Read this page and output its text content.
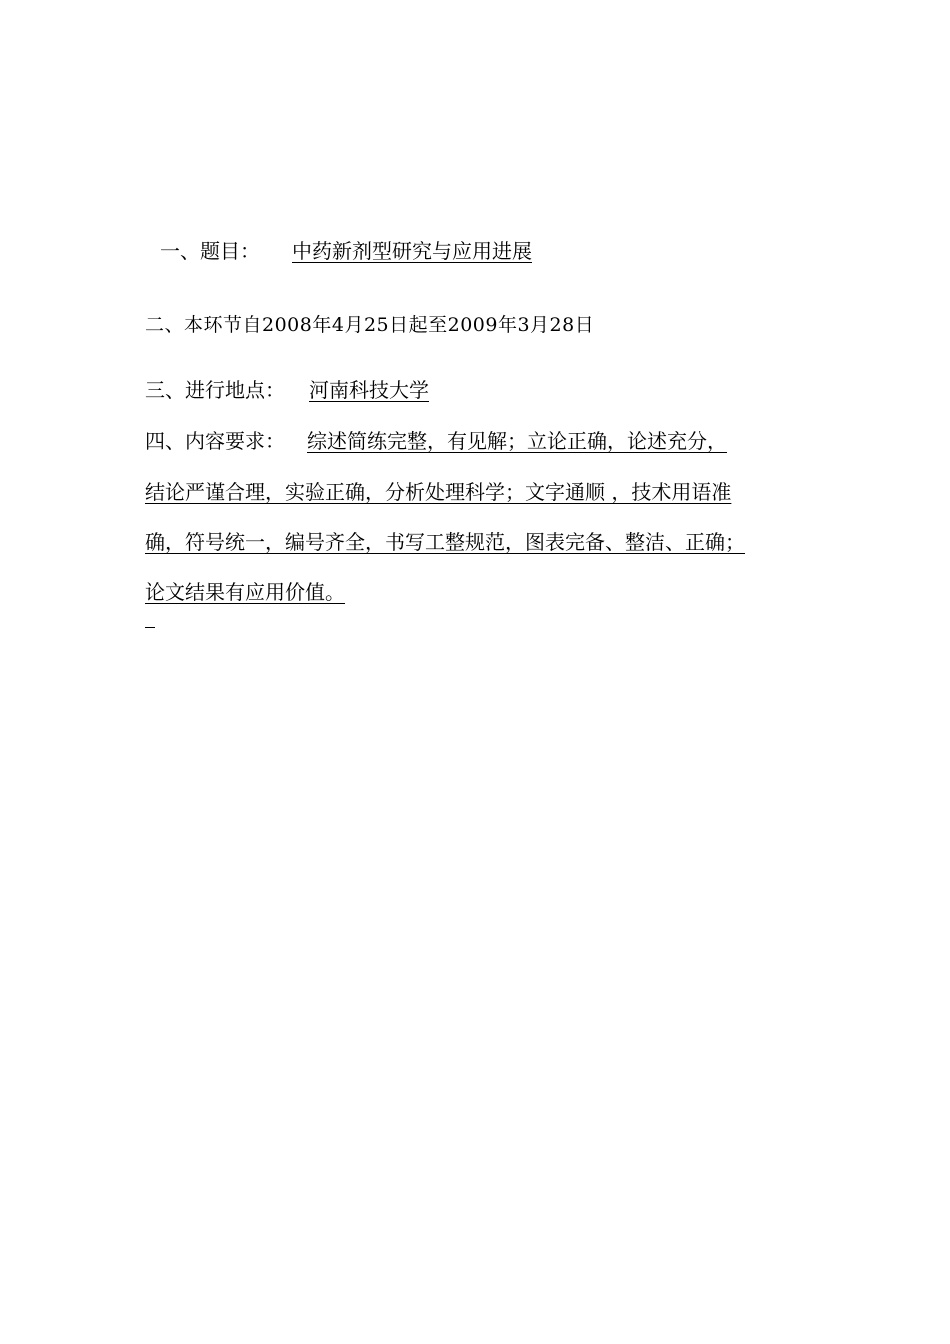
一、题目： 中药新剂型研究与应用进展
二、本环节自2008年4月25日起至2009年3月28日
三、进行地点： 河南科技大学
四、内容要求： 综述简练完整，有见解；立论正确，论述充分，
结论严谨合理，实验正确，分析处理科学；文字通顺 ，技术用语准
确，符号统一，编号齐全，书写工整规范，图表完备、整洁、正确；
论文结果有应用价值。
